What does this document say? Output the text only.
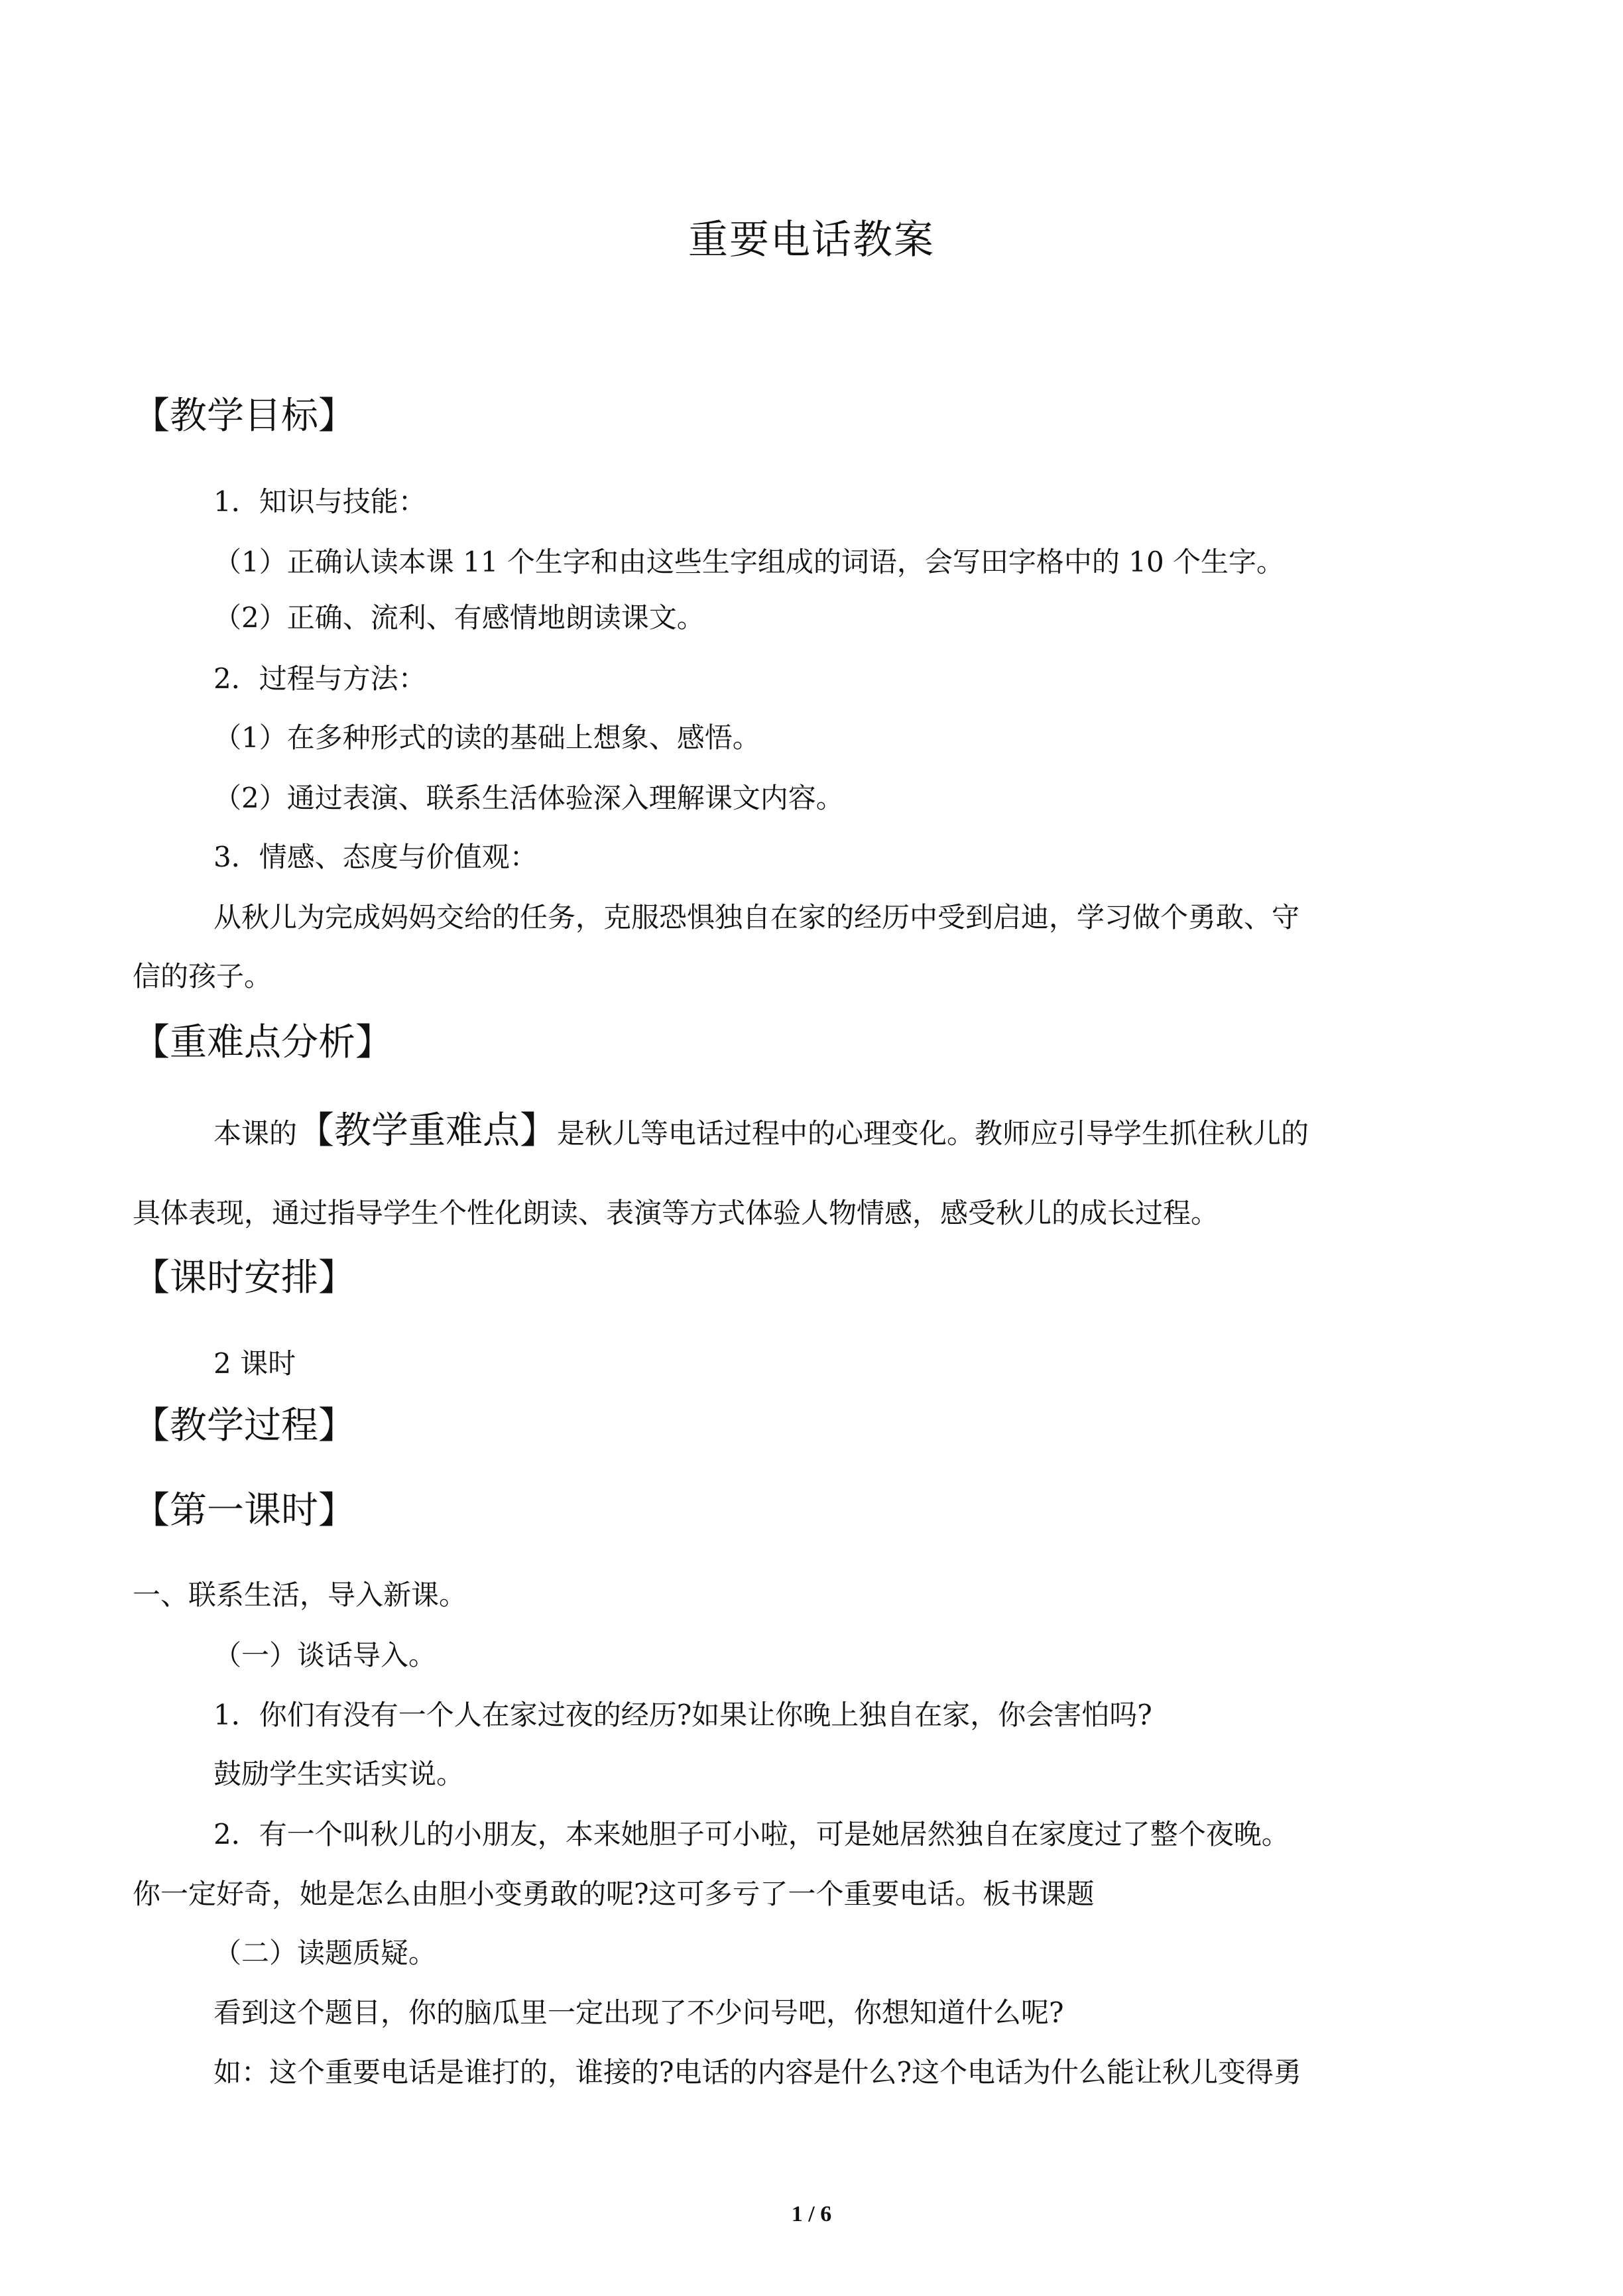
重要电话教案
【教学目标】

1．知识与技能：

（1）正确认读本课 11 个生字和由这些生字组成的词语，会写田字格中的 10 个生字。

（2）正确、流利、有感情地朗读课文。

2．过程与方法：

（1）在多种形式的读的基础上想象、感悟。

（2）通过表演、联系生活体验深入理解课文内容。

3．情感、态度与价值观：

从秋儿为完成妈妈交给的任务，克服恐惧独自在家的经历中受到启迪，学习做个勇敢、守

信的孩子。

【重难点分析】

本课的【教学重难点】是秋儿等电话过程中的心理变化。教师应引导学生抓住秋儿的

具体表现，通过指导学生个性化朗读、表演等方式体验人物情感，感受秋儿的成长过程。

【课时安排】

2 课时

【教学过程】
【第一课时】

一、联系生活，导入新课。

（一）谈话导入。

1．你们有没有一个人在家过夜的经历?如果让你晚上独自在家，你会害怕吗?

鼓励学生实话实说。

2．有一个叫秋儿的小朋友，本来她胆子可小啦，可是她居然独自在家度过了整个夜晚。

你一定好奇，她是怎么由胆小变勇敢的呢?这可多亏了一个重要电话。板书课题

（二）读题质疑。

看到这个题目，你的脑瓜里一定出现了不少问号吧，你想知道什么呢?

如：这个重要电话是谁打的，谁接的?电话的内容是什么?这个电话为什么能让秋儿变得勇

1 / 6
